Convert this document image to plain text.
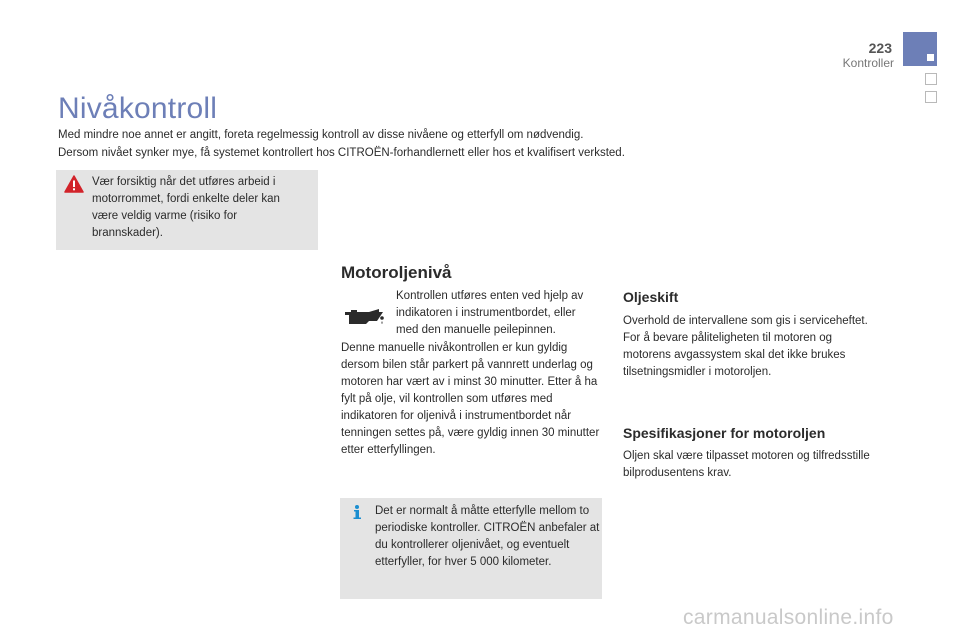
223
Kontroller
Nivåkontroll

Med mindre noe annet er angitt, foreta regelmessig kontroll av disse nivåene og etterfyll om nødvendig.

Dersom nivået synker mye, få systemet kontrollert hos CITROËN-forhandlernett eller hos et kvalifisert verksted.

Vær forsiktig når det utføres arbeid i motorrommet, fordi enkelte deler kan være veldig varme (risiko for brannskader).
Motoroljenivå
Kontrollen utføres enten ved hjelp av indikatoren i instrumentbordet, eller med den manuelle peilepinnen.
Denne manuelle nivåkontrollen er kun gyldig dersom bilen står parkert på vannrett underlag og motoren har vært av i minst 30 minutter. Etter å ha fylt på olje, vil kontrollen som utføres med indikatoren for oljenivå i instrumentbordet når tenningen settes på, være gyldig innen 30 minutter etter etterfyllingen.
Det er normalt å måtte etterfylle mellom to periodiske kontroller. CITROËN anbefaler at du kontrollerer oljenivået, og eventuelt etterfyller, for hver 5 000 kilometer.
Oljeskift

Overhold de intervallene som gis i serviceheftet.

For å bevare påliteligheten til motoren og motorens avgassystem skal det ikke brukes tilsetningsmidler i motoroljen.

Spesifikasjoner for motoroljen
Oljen skal være tilpasset motoren og tilfredsstille bilprodusentens krav.
carmanualsonline.info
